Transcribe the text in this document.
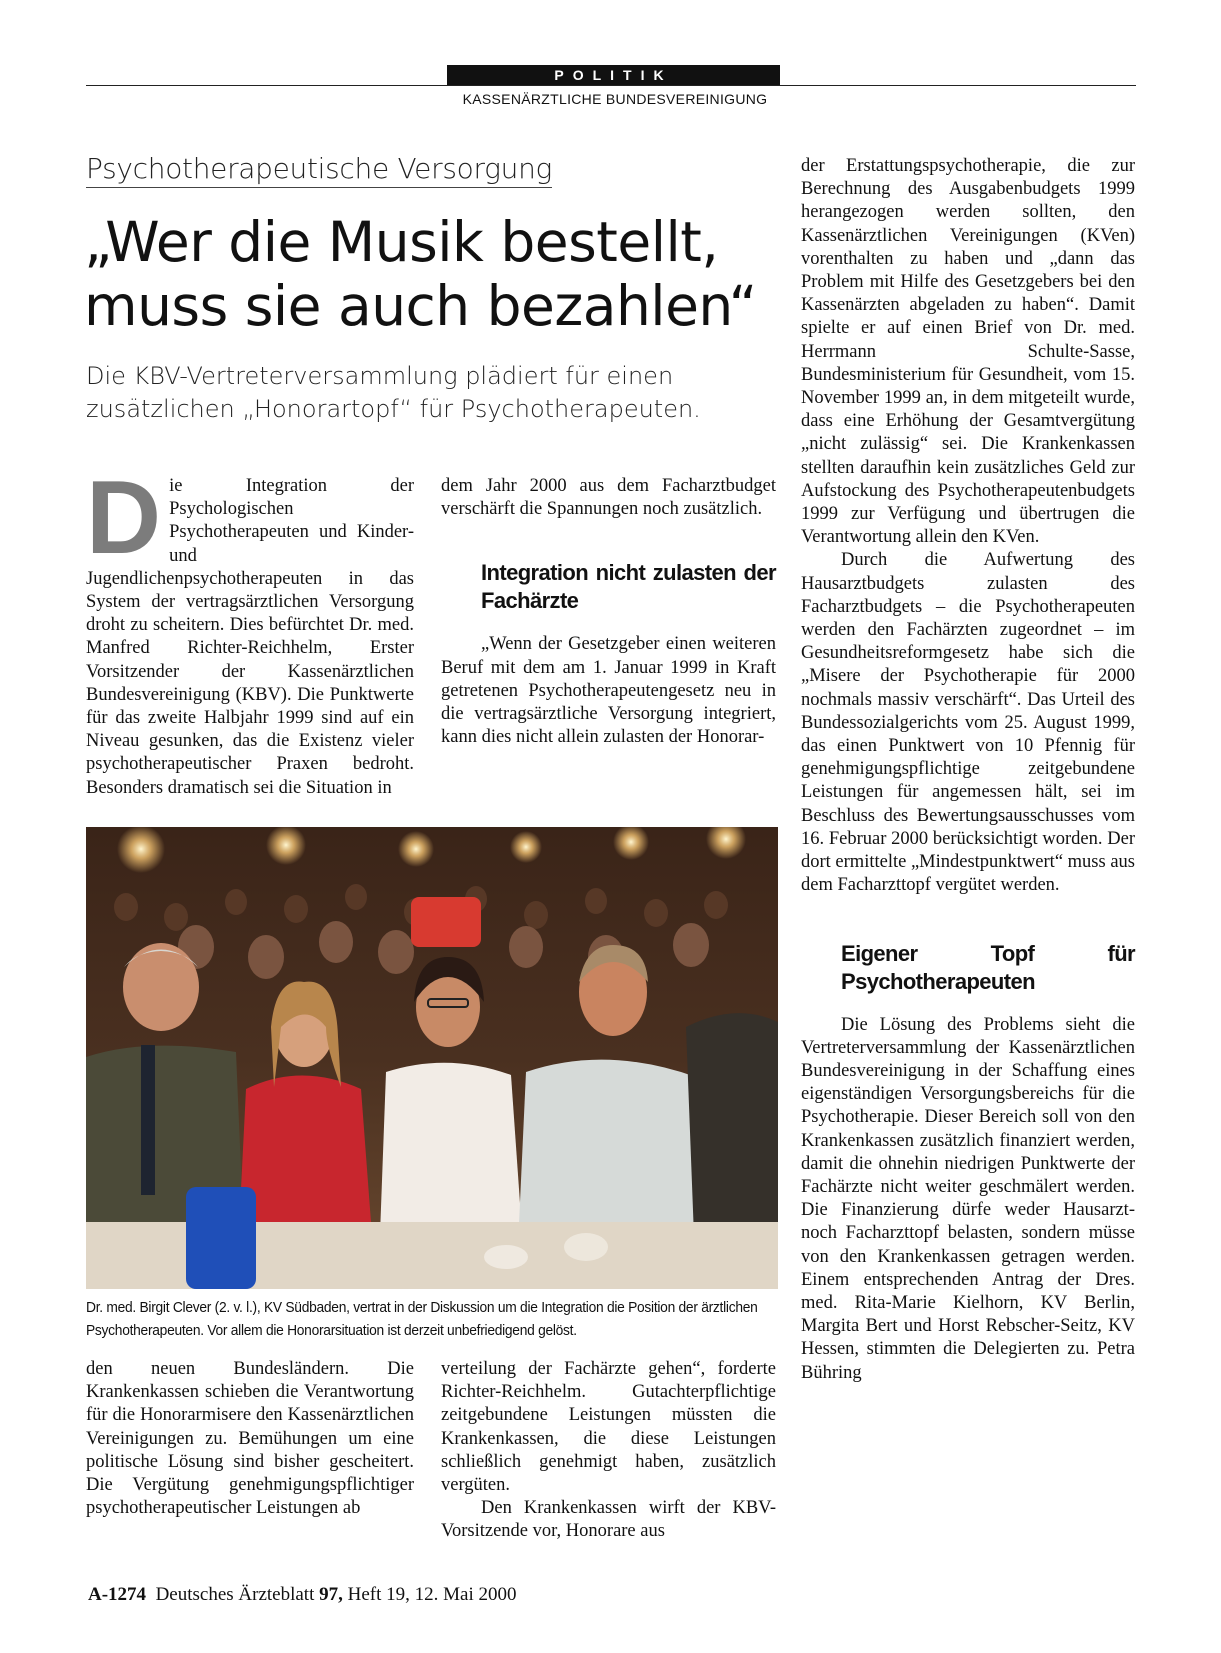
POLITIK
KASSENÄRZTLICHE BUNDESVEREINIGUNG
Psychotherapeutische Versorgung
„Wer die Musik bestellt,
muss sie auch bezahlen“

Die KBV-Vertreterversammlung plädiert für einen
zusätzlichen „Honorartopf“ für Psychotherapeuten.

Die Integration der Psychologischen Psychotherapeuten und Kinder- und Jugendlichenpsychotherapeuten in das System der vertragsärztlichen Versorgung droht zu scheitern. Dies befürchtet Dr. med. Manfred Richter-Reichhelm, Erster Vorsitzender der Kassenärztlichen Bundesvereinigung (KBV). Die Punktwerte für das zweite Halbjahr 1999 sind auf ein Niveau gesunken, das die Existenz vieler psychotherapeutischer Praxen bedroht. Besonders dramatisch sei die Situation in

dem Jahr 2000 aus dem Facharztbudget verschärft die Spannungen noch zusätzlich.

Integration nicht zulasten der Fachärzte

„Wenn der Gesetzgeber einen weiteren Beruf mit dem am 1. Januar 1999 in Kraft getretenen Psychotherapeutengesetz neu in die vertragsärztliche Versorgung integriert, kann dies nicht allein zulasten der Honorar-

Dr. med. Birgit Clever (2. v. l.), KV Südbaden, vertrat in der Diskussion um die Integration die Position der ärztlichen Psychotherapeuten. Vor allem die Honorarsituation ist derzeit unbefriedigend gelöst.

den neuen Bundesländern. Die Krankenkassen schieben die Verantwortung für die Honorarmisere den Kassenärztlichen Vereinigungen zu. Bemühungen um eine politische Lösung sind bisher gescheitert. Die Vergütung genehmigungspflichtiger psychotherapeutischer Leistungen ab

verteilung der Fachärzte gehen“, forderte Richter-Reichhelm. Gutachterpflichtige zeitgebundene Leistungen müssten die Krankenkassen, die diese Leistungen schließlich genehmigt haben, zusätzlich vergüten.

Den Krankenkassen wirft der KBV-Vorsitzende vor, Honorare aus

der Erstattungspsychotherapie, die zur Berechnung des Ausgabenbudgets 1999 herangezogen werden sollten, den Kassenärztlichen Vereinigungen (KVen) vorenthalten zu haben und „dann das Problem mit Hilfe des Gesetzgebers bei den Kassenärzten abgeladen zu haben“. Damit spielte er auf einen Brief von Dr. med. Herrmann Schulte-Sasse, Bundesministerium für Gesundheit, vom 15. November 1999 an, in dem mitgeteilt wurde, dass eine Erhöhung der Gesamtvergütung „nicht zulässig“ sei. Die Krankenkassen stellten daraufhin kein zusätzliches Geld zur Aufstockung des Psychotherapeutenbudgets 1999 zur Verfügung und übertrugen die Verantwortung allein den KVen.

Durch die Aufwertung des Hausarztbudgets zulasten des Facharztbudgets – die Psychotherapeuten werden den Fachärzten zugeordnet – im Gesundheitsreformgesetz habe sich die „Misere der Psychotherapie für 2000 nochmals massiv verschärft“. Das Urteil des Bundessozialgerichts vom 25. August 1999, das einen Punktwert von 10 Pfennig für genehmigungspflichtige zeitgebundene Leistungen für angemessen hält, sei im Beschluss des Bewertungsausschusses vom 16. Februar 2000 berücksichtigt worden. Der dort ermittelte „Mindestpunktwert“ muss aus dem Facharzttopf vergütet werden.

Eigener Topf für Psychotherapeuten

Die Lösung des Problems sieht die Vertreterversammlung der Kassenärztlichen Bundesvereinigung in der Schaffung eines eigenständigen Versorgungsbereichs für die Psychotherapie. Dieser Bereich soll von den Krankenkassen zusätzlich finanziert werden, damit die ohnehin niedrigen Punktwerte der Fachärzte nicht weiter geschmälert werden. Die Finanzierung dürfe weder Hausarzt- noch Facharzttopf belasten, sondern müsse von den Krankenkassen getragen werden. Einem entsprechenden Antrag der Dres. med. Rita-Marie Kielhorn, KV Berlin, Margita Bert und Horst Rebscher-Seitz, KV Hessen, stimmten die Delegierten zu. Petra Bühring

A-1274 Deutsches Ärzteblatt 97, Heft 19, 12. Mai 2000
